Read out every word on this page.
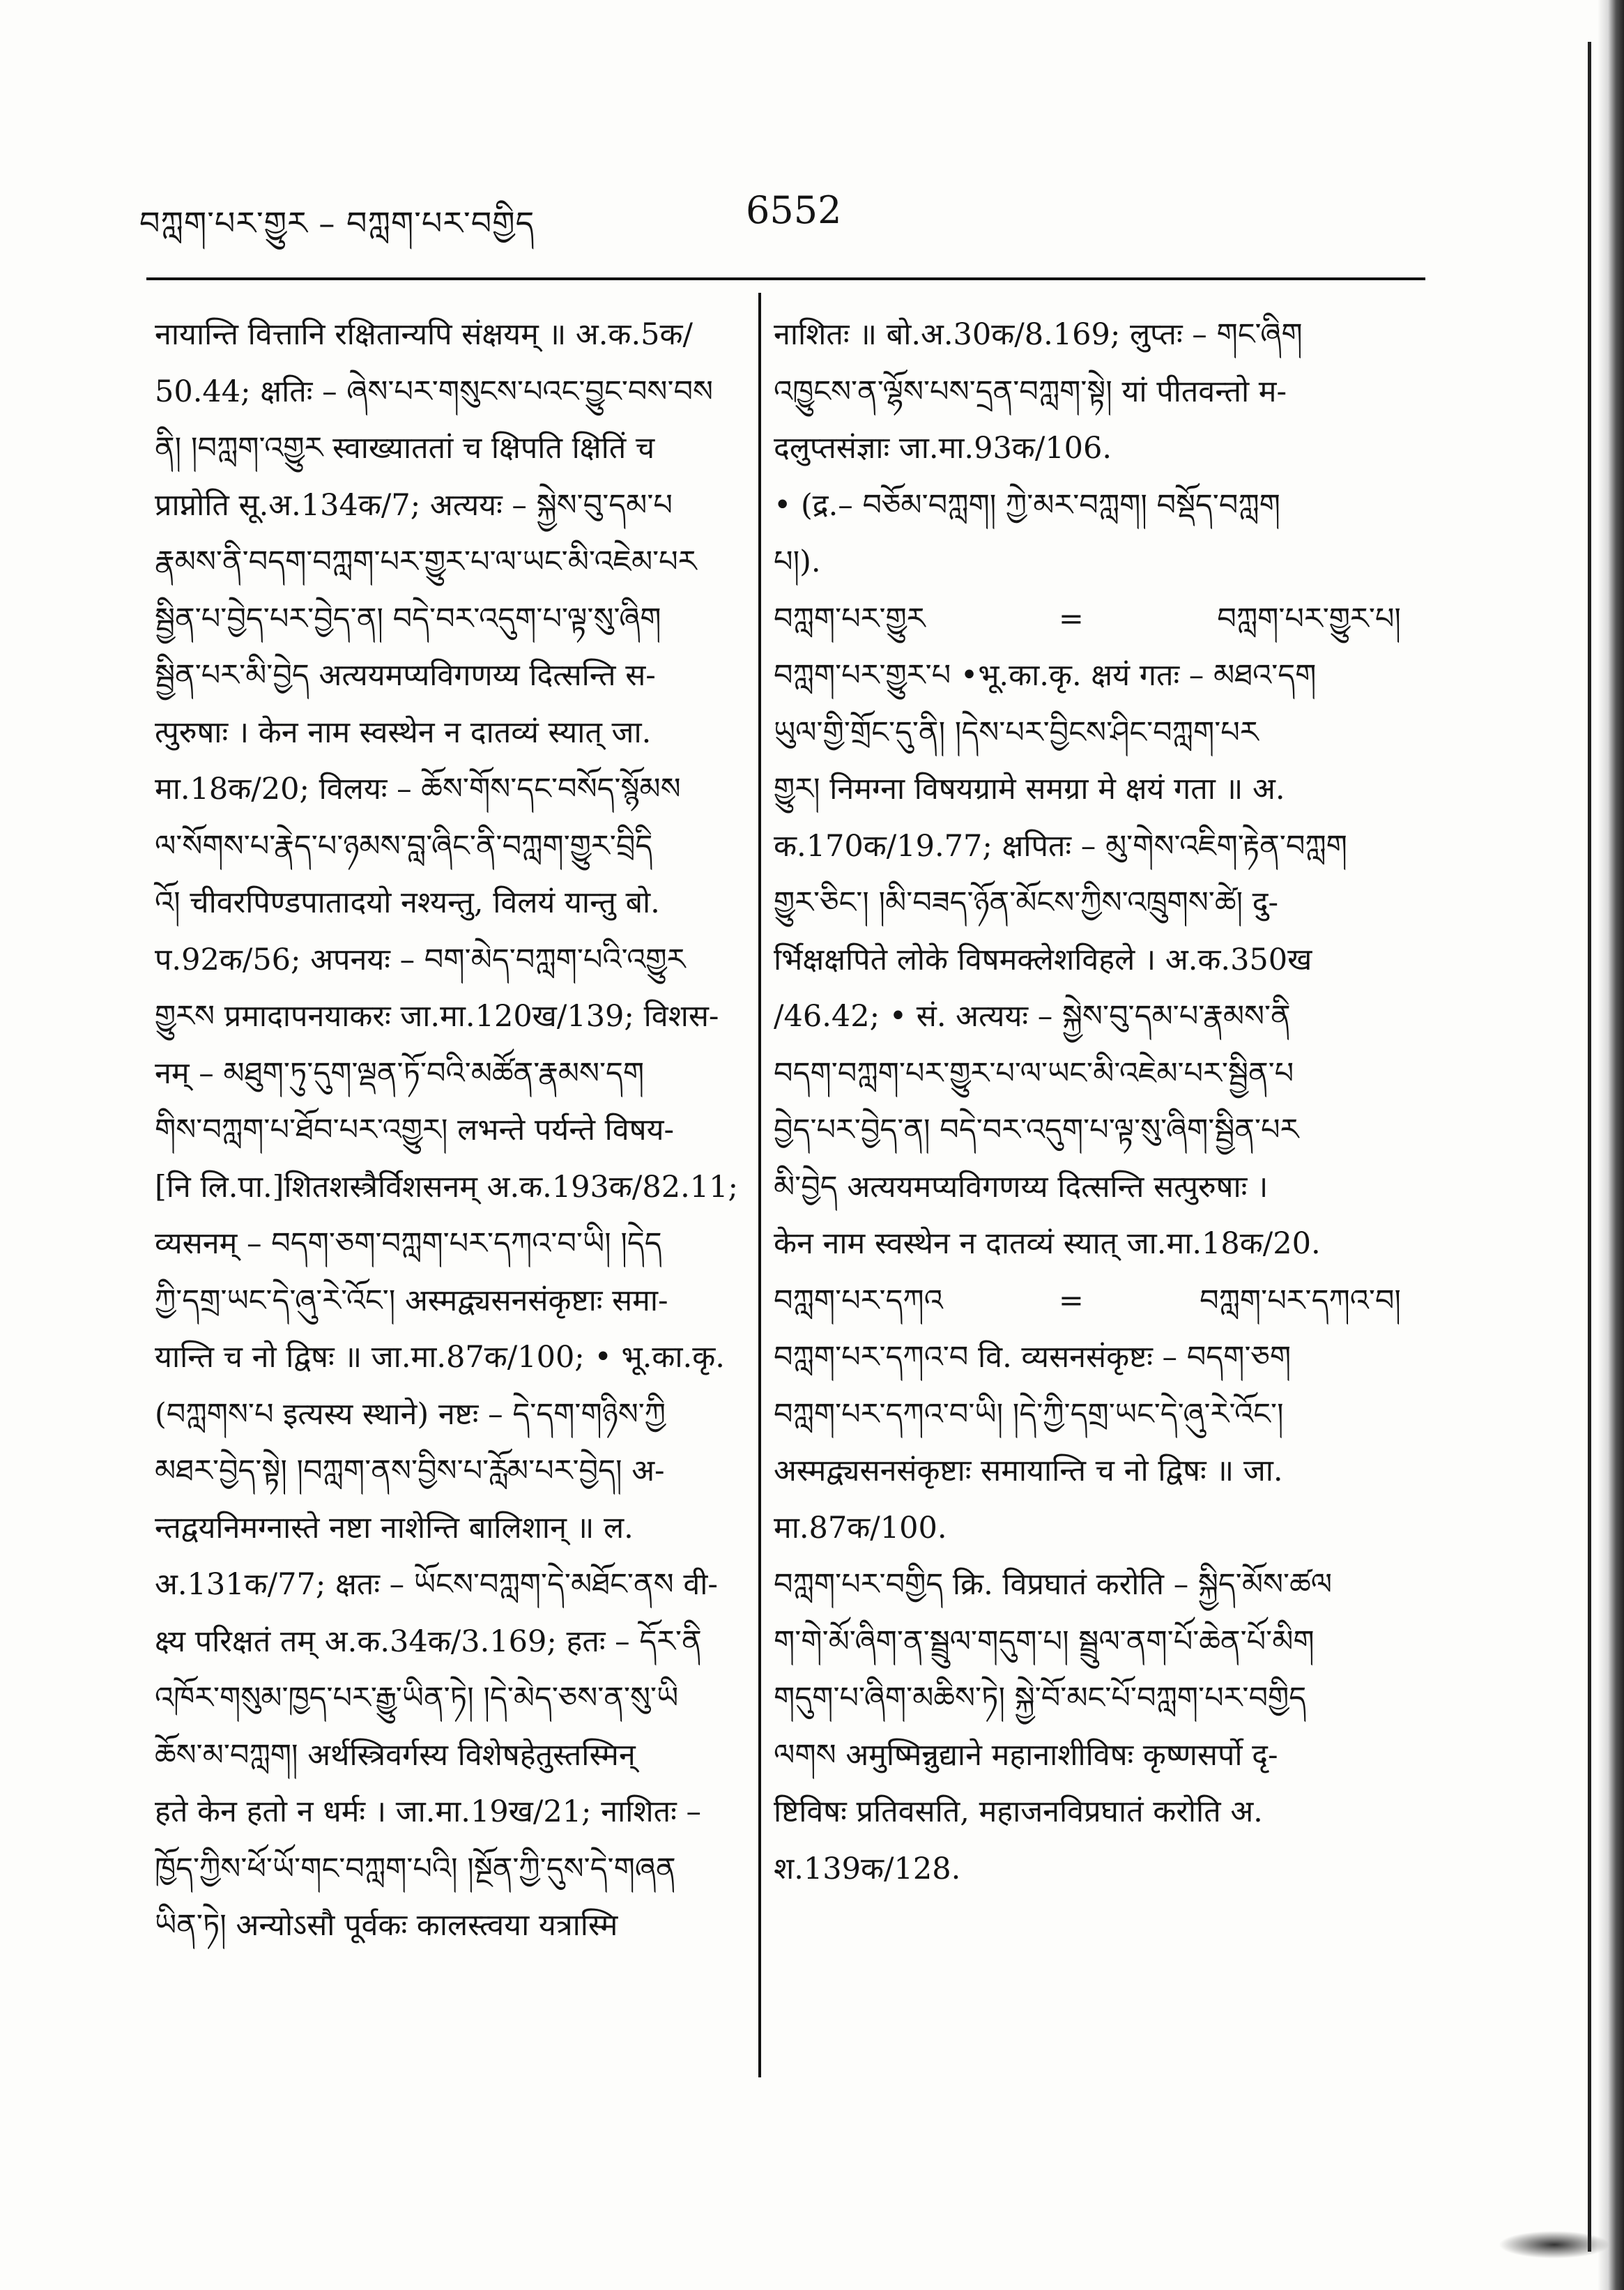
བཀླག་པར་གྱུར – བཀླག་པར་བགྱིད	6552

नायान्ति वित्तानि रक्षितान्यपि संक्षयम् ॥ अ.क.5क/

50.44; क्षतिः – ཞེས་པར་གསུངས་པའང་བྱུང་བས་བས

ནི། །བཀླག་འགྱུར स्वाख्याततां च क्षिपति क्षितिं च

प्राप्नोति सू.अ.134क/7; अत्ययः – སྐྱེས་བུ་དམ་པ

རྣམས་ནི་བདག་བཀླག་པར་གྱུར་པ་ལ་ཡང་མི་འཇེམ་པར

སྦྱིན་པ་བྱེད་པར་བྱེད་ན། བདེ་བར་འདུག་པ་ལྟ་སུ་ཞིག

སྦྱིན་པར་མི་བྱེད अत्ययमप्यविगणय्य दित्सन्ति स-

त्पुरुषाः । केन नाम स्वस्थेन न दातव्यं स्यात् जा.

मा.18क/20; विलयः – ཆོས་གོས་དང་བསོད་སྙོམས

ལ་སོགས་པ་རྣེད་པ་ཉམས་བླ་ཞིང་ནི་བཀླག་གྱུར་བྲིདི

འོ། चीवरपिण्डपातादयो नश्यन्तु, विलयं यान्तु बो.

प.92क/56; अपनयः – བག་མེད་བཀླག་པའི་འགྱུར

གྱུརས प्रमादापनयाकरः जा.मा.120ख/139; विशस-

नम् – མཐུག་ཏུ་དུག་ལྡན་ཏོ་བའི་མཚོན་རྣམས་དག

གིས་བཀླག་པ་ཐོབ་པར་འགྱུར། लभन्ते पर्यन्ते विषय-

[नि लि.पा.]शितशस्त्रैर्विशसनम् अ.क.193क/82.11;

व्यसनम् – བདག་ཅག་བཀླག་པར་དཀའ་བ་ཡི། །དེད

ཀྱི་དགྲ་ཡང་དེ་ཞུ་རེ་འོང་། अस्मद्व्यसनसंकृष्टाः समा-

यान्ति च नो द्विषः ॥ जा.मा.87क/100; • भू.का.कृ.

(བཀླགས་པ इत्यस्य स्थाने) नष्टः – དེ་དག་གཉིས་ཀྱི

མཐར་བྱེད་སྟེ། །བཀླག་ནས་བྱིས་པ་རློམ་པར་བྱེད། अ-

न्तद्वयनिमग्नास्ते नष्टा नाशेन्ति बालिशान् ॥ ल.

अ.131क/77; क्षतः – ཡོངས་བཀླག་དེ་མཐོང་ནས वी-

क्ष्य परिक्षतं तम् अ.क.34क/3.169; हतः – དོར་ནི

འཁོར་གསུམ་ཁྱད་པར་རྒྱུ་ཡིན་ཏེ། །དེ་མེད་ཅས་ན་སུ་ཡི

ཆོས་མ་བཀླག། अर्थस्त्रिवर्गस्य विशेषहेतुस्तस्मिन्

हते केन हतो न धर्मः । जा.मा.19ख/21; नाशितः –

ཁྱོད་ཀྱིས་ཕོ་ཡོ་གང་བཀླག་པའི། །སྔོན་ཀྱི་དུས་དེ་གཞན

ཡིན་ཏེ། अन्योऽसौ पूर्वकः कालस्त्वया यत्रास्मि

नाशितः ॥ बो.अ.30क/8.169; लुप्तः – གང་ཞིག

འཁྱུངས་ན་ལྷོས་པས་དྲན་བཀླག་སྟེ། यां पीतवन्तो म-

दलुप्तसंज्ञाः जा.मा.93क/106.

• (द्र.– བཅོམ་བཀླག། ཀྱེ་མར་བཀླག། བསྡོད་བཀླག

པ།).

བཀླག་པར་གྱུར	=	བཀླག་པར་གྱུར་པ།

བཀླག་པར་གྱུར་པ •भू.का.कृ. क्षयं गतः – མཐའ་དག

ཡུལ་གྱི་གྲོང་དུ་ནི། །དེས་པར་བྱིངས་ཤིང་བཀླག་པར

གྱུར། निमग्ना विषयग्रामे समग्रा मे क्षयं गता ॥ अ.

क.170क/19.77; क्षपितः – མུ་གེས་འཇིག་རྟེན་བཀླག

གྱུར་ཅིང་། །མི་བཟད་ཉོན་མོངས་ཀྱིས་འཁྲུགས་ཚེ། दु-

र्भिक्षक्षपिते लोके विषमक्लेशविहले । अ.क.350ख

/46.42; • सं. अत्ययः – སྐྱེས་བུ་དམ་པ་རྣམས་ནི

བདག་བཀླག་པར་གྱུར་པ་ལ་ཡང་མི་འཇེམ་པར་སྦྱིན་པ

བྱེད་པར་བྱེད་ན། བདེ་བར་འདུག་པ་ལྟ་སུ་ཞིག་སྦྱིན་པར

མི་བྱེད अत्ययमप्यविगणय्य दित्सन्ति सत्पुरुषाः ।

केन नाम स्वस्थेन न दातव्यं स्यात् जा.मा.18क/20.

བཀླག་པར་དཀའ	=	བཀླག་པར་དཀའ་བ།

བཀླག་པར་དཀའ་བ वि. व्यसनसंकृष्टः – བདག་ཅག

བཀླག་པར་དཀའ་བ་ཡི། །དེ་ཀྱི་དགྲ་ཡང་དེ་ཞུ་རེ་འོང་།

अस्मद्व्यसनसंकृष्टाः समायान्ति च नो द्विषः ॥ जा.

मा.87क/100.

བཀླག་པར་བགྱིད क्रि. विप्रघातं करोति – སྐྱིད་མོས་ཚལ

ག་གེ་མོ་ཞིག་ན་སྦྲུལ་གདུག་པ། སྦྲུལ་ནག་པོ་ཆེན་པོ་མིག

གདུག་པ་ཞིག་མཆིས་ཏེ། སྐྱེ་བོ་མང་པོ་བཀླག་པར་བགྱིད

ལགས अमुष्मिन्नुद्याने महानाशीविषः कृष्णसर्पो दृ-

ष्टिविषः प्रतिवसति, महाजनविप्रघातं करोति अ.

श.139क/128.
